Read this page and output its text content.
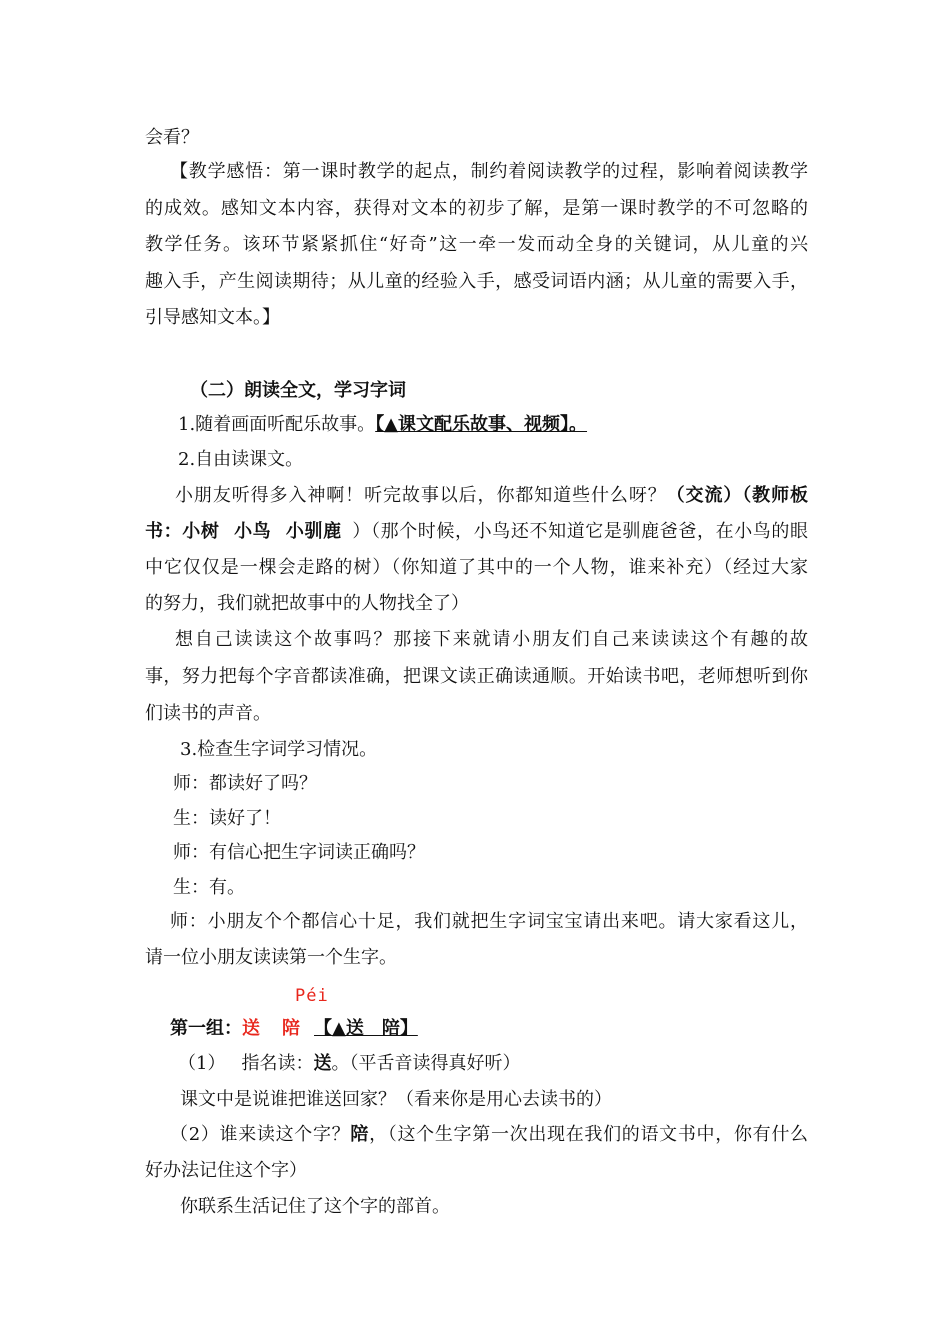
会看？
【教学感悟：第一课时教学的起点，制约着阅读教学的过程，影响着阅读教学
的成效。感知文本内容，获得对文本的初步了解，是第一课时教学的不可忽略的
教学任务。该环节紧紧抓住“好奇”这一牵一发而动全身的关键词，从儿童的兴
趣入手，产生阅读期待；从儿童的经验入手，感受词语内涵；从儿童的需要入手，
引导感知文本。】
（二）朗读全文，学习字词
1.随着画面听配乐故事。【▲课文配乐故事、视频】。
2.自由读课文。
小朋友听得多入神啊！听完故事以后，你都知道些什么呀？（交流）（教师板
书：小树 小鸟 小驯鹿 ）（那个时候，小鸟还不知道它是驯鹿爸爸，在小鸟的眼
中它仅仅是一棵会走路的树）（你知道了其中的一个人物，谁来补充）（经过大家
的努力，我们就把故事中的人物找全了）
想自己读读这个故事吗？那接下来就请小朋友们自己来读读这个有趣的故
事，努力把每个字音都读准确，把课文读正确读通顺。开始读书吧，老师想听到你
们读书的声音。
3.检查生字词学习情况。
师：都读好了吗？
生：读好了！
师：有信心把生字词读正确吗？
生：有。
师：小朋友个个都信心十足，我们就把生字词宝宝请出来吧。请大家看这儿，
请一位小朋友读读第一个生字。
Péi
第一组：送 陪 【▲送　陪】
（1） 指名读：送。（平舌音读得真好听）
课文中是说谁把谁送回家？（看来你是用心去读书的）
（2）谁来读这个字？陪，（这个生字第一次出现在我们的语文书中，你有什么
好办法记住这个字）
你联系生活记住了这个字的部首。
